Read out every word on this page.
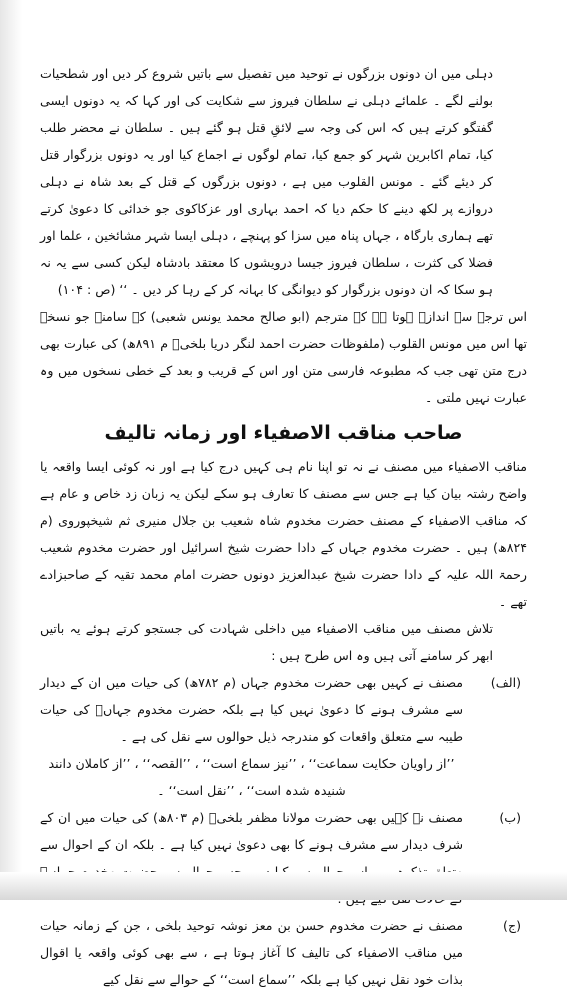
دہلی میں ان دونوں بزرگوں نے توحید میں تفصیل سے باتیں شروع کر دیں اور شطحیات بولنے لگے ۔ علمائے دہلی نے سلطان فیروز سے شکایت کی اور کہا کہ یہ دونوں ایسی گفتگو کرتے ہیں کہ اس کی وجہ سے لائقِ قتل ہو گئے ہیں ۔ سلطان نے محضر طلب کیا، تمام اکابرین شہر کو جمع کیا، تمام لوگوں نے اجماع کیا اور یہ دونوں بزرگوار قتل کر دیئے گئے ۔ مونس القلوب میں ہے ، دونوں بزرگوں کے قتل کے بعد شاہ نے دہلی دروازے پر لکھ دینے کا حکم دیا کہ احمد بہاری اور عزکاکوی جو خدائی کا دعویٰ کرتے تھے ہماری بارگاہ ، جہاں پناہ میں سزا کو پہنچے ، دہلی ایسا شہر مشائخین ، علما اور فضلا کی کثرت ، سلطان فیروز جیسا درویشوں کا معتقد بادشاہ لیکن کسی سے یہ نہ ہو سکا کہ ان دونوں بزرگوار کو دیوانگی کا بہانہ کر کے رہا کر دیں ۔ ‘‘ (ص : ۱۰۴)

اس ترجے سے اندازہ ہوتا ہے کہ مترجم (ابو صالح محمد یونس شعبی) کے سامنے جو نسخہ تھا اس میں مونس القلوب (ملفوظات حضرت احمد لنگر دریا بلخیؒ م ۸۹۱ھ) کی عبارت بھی درج متن تھی جب کہ مطبوعہ فارسی متن اور اس کے قریب و بعد کے خطی نسخوں میں وہ عبارت نہیں ملتی ۔

صاحب مناقب الاصفیاء اور زمانہ تالیف

مناقب الاصفیاء میں مصنف نے نہ تو اپنا نام ہی کہیں درج کیا ہے اور نہ کوئی ایسا واقعہ یا واضح رشتہ بیان کیا ہے جس سے مصنف کا تعارف ہو سکے لیکن یہ زبان زد خاص و عام ہے کہ مناقب الاصفیاء کے مصنف حضرت مخدوم شاہ شعیب بن جلال منیری ثم شیخپوروی (م ۸۲۴ھ) ہیں ۔ حضرت مخدوم جہاں کے دادا حضرت شیخ اسرائیل اور حضرت مخدوم شعیب رحمۃ اللہ علیہ کے دادا حضرت شیخ عبدالعزیز دونوں حضرت امام محمد تقیہ کے صاحبزادے تھے ۔

تلاش مصنف میں مناقب الاصفیاء میں داخلی شہادت کی جستجو کرتے ہوئے یہ باتیں ابھر کر سامنے آتی ہیں وہ اس طرح ہیں :

(الف)
مصنف نے کہیں بھی حضرت مخدوم جہاں (م ۷۸۲ھ) کی حیات میں ان کے دیدار سے مشرف ہونے کا دعویٰ نہیں کیا ہے بلکہ حضرت مخدوم جہاںؒ کی حیات طیبہ سے متعلق واقعات کو مندرجہ ذیل حوالوں سے نقل کی ہے ۔
’’از راویان حکایت سماعت‘‘ ، ’’نیز سماع است‘‘ ، ’’القصہ‘‘ ، ’’از کاملان دانند شنیدہ شدہ است‘‘ ، ’’نقل است‘‘ ۔
(ب)
مصنف نے کہیں بھی حضرت مولانا مظفر بلخیؒ (م ۸۰۳ھ) کی حیات میں ان کے شرف دیدار سے مشرف ہونے کا بھی دعویٰ نہیں کیا ہے ۔ بلکہ ان کے احوال سے
(ج)
مصنف نے حضرت مخدوم حسن بن معز نوشہ توحید بلخی ، جن کے زمانہ حیات میں مناقب الاصفیاء کی تالیف کا آغاز ہوتا ہے ، سے بھی کوئی واقعہ یا اقوال بذات خود نقل نہیں کیا ہے بلکہ ’’سماع است‘‘ کے حوالے سے نقل کیے
